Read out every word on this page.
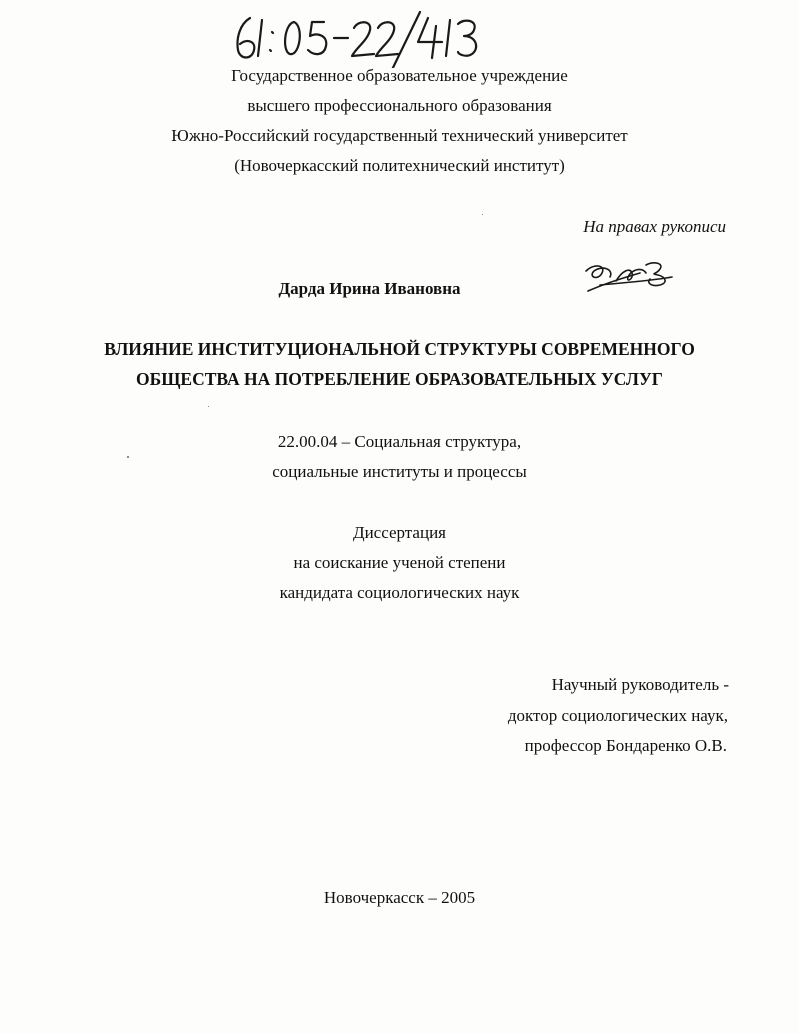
Государственное образовательное учреждение
высшего профессионального образования
Южно-Российский государственный технический университет
(Новочеркасский политехнический институт)
На правах рукописи
Дарда Ирина Ивановна
ВЛИЯНИЕ ИНСТИТУЦИОНАЛЬНОЙ СТРУКТУРЫ СОВРЕМЕННОГО
ОБЩЕСТВА НА ПОТРЕБЛЕНИЕ ОБРАЗОВАТЕЛЬНЫХ УСЛУГ
22.00.04 – Социальная структура,
социальные институты и процессы
Диссертация
на соискание ученой степени
кандидата социологических наук
Научный руководитель -
доктор социологических наук,
профессор Бондаренко О.В.
Новочеркасск – 2005
